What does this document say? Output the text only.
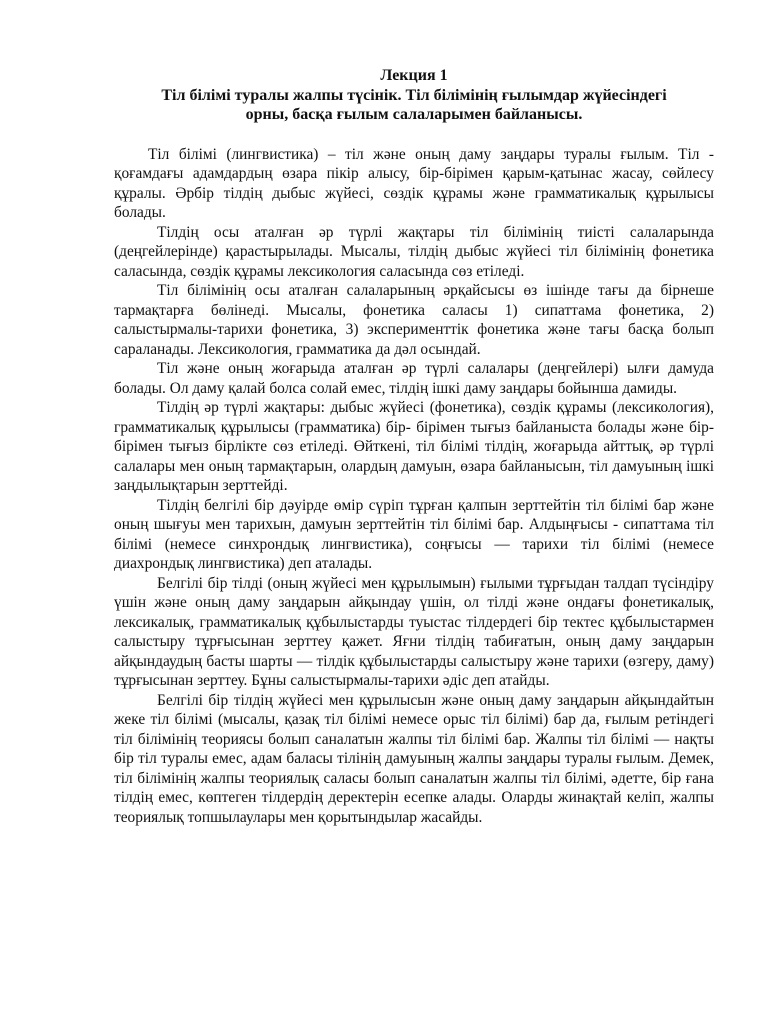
Лекция 1
Тіл білімі туралы жалпы түсінік. Тіл білімінің ғылымдар жүйесіндегі
орны, басқа ғылым салаларымен байланысы.

Тіл білімі (лингвистика) – тіл және оның даму заңдары туралы ғылым. Тіл - қоғамдағы адамдардың өзара пікір алысу, бір-бірімен қарым-қатынас жасау, сөйлесу құралы. Әрбір тілдің дыбыс жүйесі, сөздік құрамы және грамматикалық құрылысы болады.

Тілдің осы аталған әр түрлі жақтары тіл білімінің тиісті салаларында (деңгейлерінде) қарастырылады. Мысалы, тілдің дыбыс жүйесі тіл білімінің фонетика саласында, сөздік құрамы лексикология саласында сөз етіледі.

Тіл білімінің осы аталған салаларының әрқайсысы өз ішінде тағы да бірнеше тармақтарға бөлінеді. Мысалы, фонетика саласы 1) сипаттама фонетика, 2) салыстырмалы-тарихи фонетика, 3) эксперименттік фонетика және тағы басқа болып сараланады. Лексикология, грамматика да дәл осындай.

Тіл және оның жоғарыда аталған әр түрлі салалары (деңгейлері) ылғи дамуда болады. Ол даму қалай болса солай емес, тілдің ішкі даму заңдары бойынша дамиды.

Тілдің әр түрлі жақтары: дыбыс жүйесі (фонетика), сөздік құрамы (лексикология), грамматикалық құрылысы (грамматика) бір- бірімен тығыз байланыста болады және бір-бірімен тығыз бірлікте сөз етіледі. Өйткені, тіл білімі тілдің, жоғарыда айттық, әр түрлі салалары мен оның тармақтарын, олардың дамуын, өзара байланысын, тіл дамуының ішкі заңдылықтарын зерттейді.

Тілдің белгілі бір дәуірде өмір сүріп тұрған қалпын зерттейтін тіл білімі бар және оның шығуы мен тарихын, дамуын зерттейтін тіл білімі бар. Алдыңғысы - сипаттама тіл білімі (немесе синхрондық лингвистика), соңғысы — тарихи тіл білімі (немесе диахрондық лингвистика) деп аталады.

Белгілі бір тілді (оның жүйесі мен құрылымын) ғылыми тұрғыдан талдап түсіндіру үшін және оның даму заңдарын айқындау үшін, ол тілді және ондағы фонетикалық, лексикалық, грамматикалық құбылыстарды туыстас тілдердегі бір тектес құбылыстармен салыстыру тұрғысынан зерттеу қажет. Яғни тілдің табиғатын, оның даму заңдарын айқындаудың басты шарты — тілдік құбылыстарды салыстыру және тарихи (өзгеру, даму) тұрғысынан зерттеу. Бұны салыстырмалы-тарихи әдіс деп атайды.

Белгілі бір тілдің жүйесі мен құрылысын және оның даму заңдарын айқындайтын жеке тіл білімі (мысалы, қазақ тіл білімі немесе орыс тіл білімі) бар да, ғылым ретіндегі тіл білімінің теориясы болып саналатын жалпы тіл білімі бар. Жалпы тіл білімі — нақты бір тіл туралы емес, адам баласы тілінің дамуының жалпы заңдары туралы ғылым. Демек, тіл білімінің жалпы теориялық саласы болып саналатын жалпы тіл білімі, әдетте, бір ғана тілдің емес, көптеген тілдердің деректерін есепке алады. Оларды жинақтай келіп, жалпы теориялық топшылаулары мен қорытындылар жасайды.
